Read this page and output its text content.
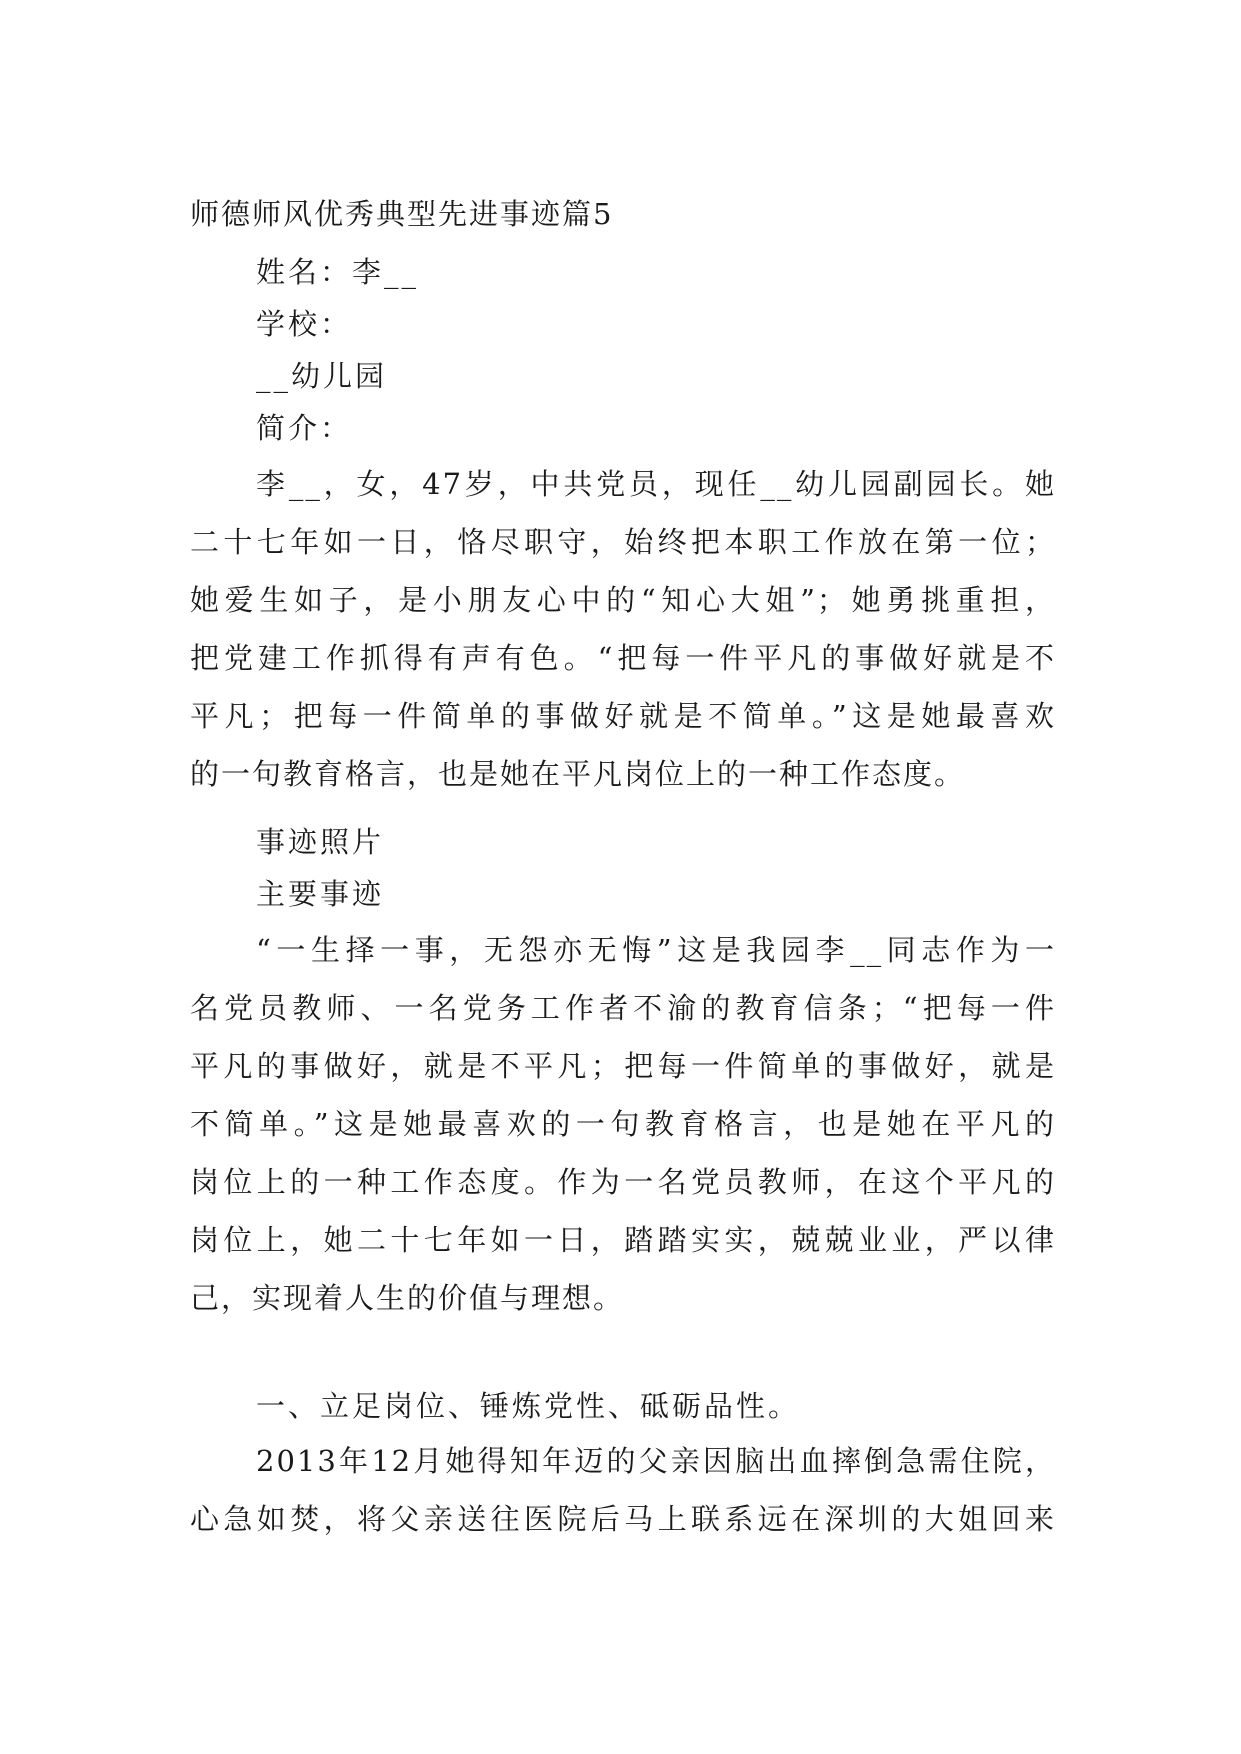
师德师风优秀典型先进事迹篇5
姓名：李__
学校：
__幼儿园
简介：
李__，女，47岁，中共党员，现任__幼儿园副园长。她
二十七年如一日，恪尽职守，始终把本职工作放在第一位；
她爱生如子，是小朋友心中的“知心大姐”；她勇挑重担，
把党建工作抓得有声有色。“把每一件平凡的事做好就是不
平凡；把每一件简单的事做好就是不简单。”这是她最喜欢
的一句教育格言，也是她在平凡岗位上的一种工作态度。
事迹照片
主要事迹
“一生择一事，无怨亦无悔”这是我园李__同志作为一
名党员教师、一名党务工作者不渝的教育信条；“把每一件
平凡的事做好，就是不平凡；把每一件简单的事做好，就是
不简单。”这是她最喜欢的一句教育格言，也是她在平凡的
岗位上的一种工作态度。作为一名党员教师，在这个平凡的
岗位上，她二十七年如一日，踏踏实实，兢兢业业，严以律
己，实现着人生的价值与理想。
一、立足岗位、锤炼党性、砥砺品性。
2013年12月她得知年迈的父亲因脑出血摔倒急需住院，
心急如焚，将父亲送往医院后马上联系远在深圳的大姐回来
